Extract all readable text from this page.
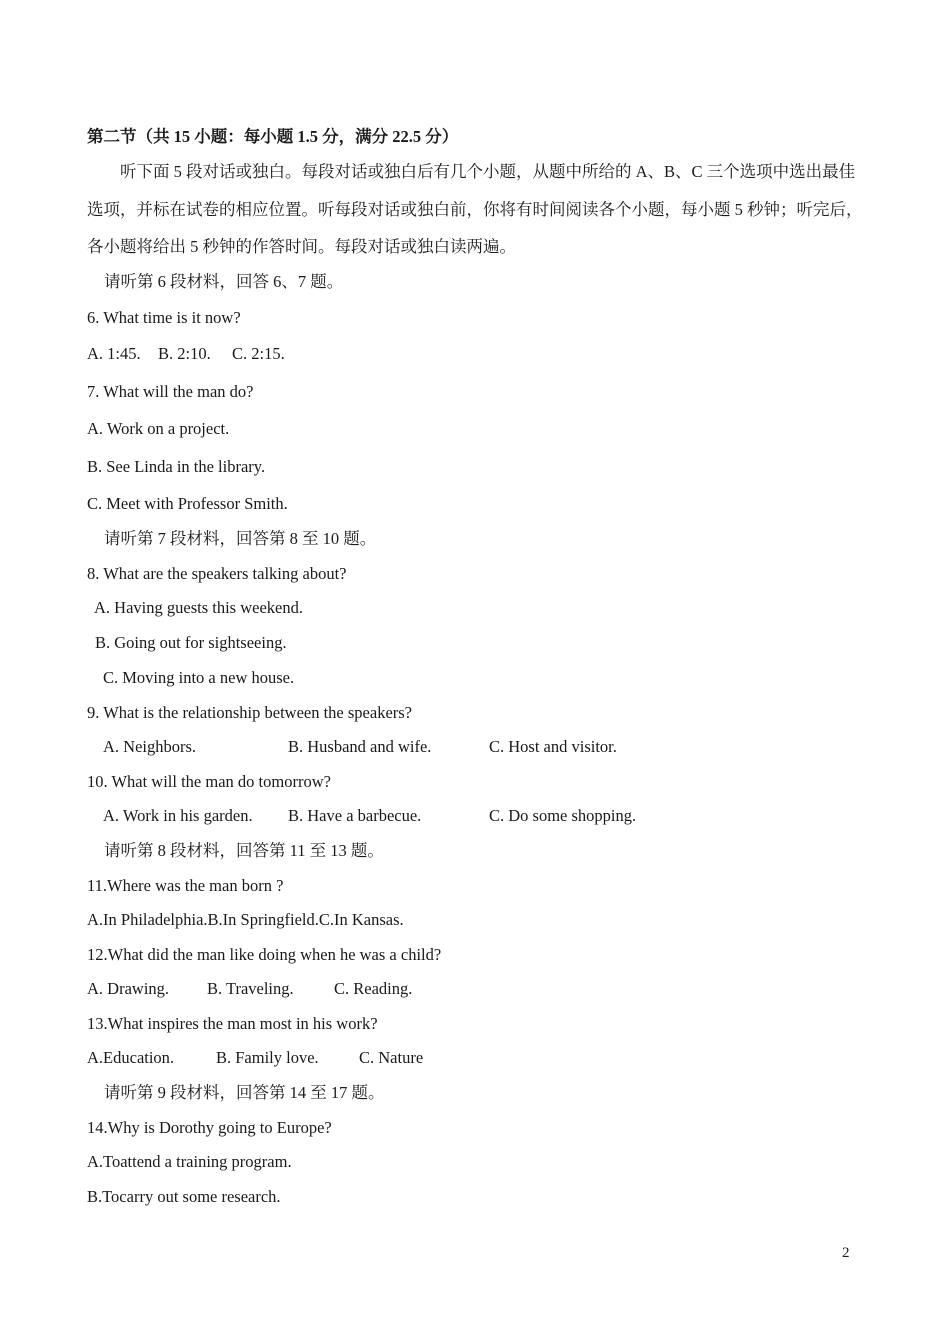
第二节（共 15 小题：每小题 1.5 分，满分 22.5 分）
听下面 5 段对话或独白。每段对话或独白后有几个小题，从题中所给的 A、B、C 三个选项中选出最佳
选项，并标在试卷的相应位置。听每段对话或独白前，你将有时间阅读各个小题，每小题 5 秒钟；听完后，
各小题将给出 5 秒钟的作答时间。每段对话或独白读两遍。
请听第 6 段材料，回答 6、7 题。
6. What time is it now?
A. 1:45. B. 2:10. C. 2:15.
7. What will the man do?
A. Work on a project.
B. See Linda in the library.
C. Meet with Professor Smith.
请听第 7 段材料，回答第 8 至 10 题。
8. What are the speakers talking about?
A. Having guests this weekend.
B. Going out for sightseeing.
C. Moving into a new house.
9. What is the relationship between the speakers?
A. Neighbors.	B. Husband and wife.	C. Host and visitor.
10. What will the man do tomorrow?
A. Work in his garden. B. Have a barbecue.	C. Do some shopping.
请听第 8 段材料，回答第 11 至 13 题。
11.Where was the man born ?
A.In Philadelphia.B.In Springfield.C.In Kansas.
12.What did the man like doing when he was a child?
A. Drawing. B. Traveling. C. Reading.
13.What inspires the man most in his work?
A.Education.	B. Family love. C. Nature
请听第 9 段材料，回答第 14 至 17 题。
14.Why is Dorothy going to Europe?
A.Toattend a training program.
B.Tocarry out some research.
2
